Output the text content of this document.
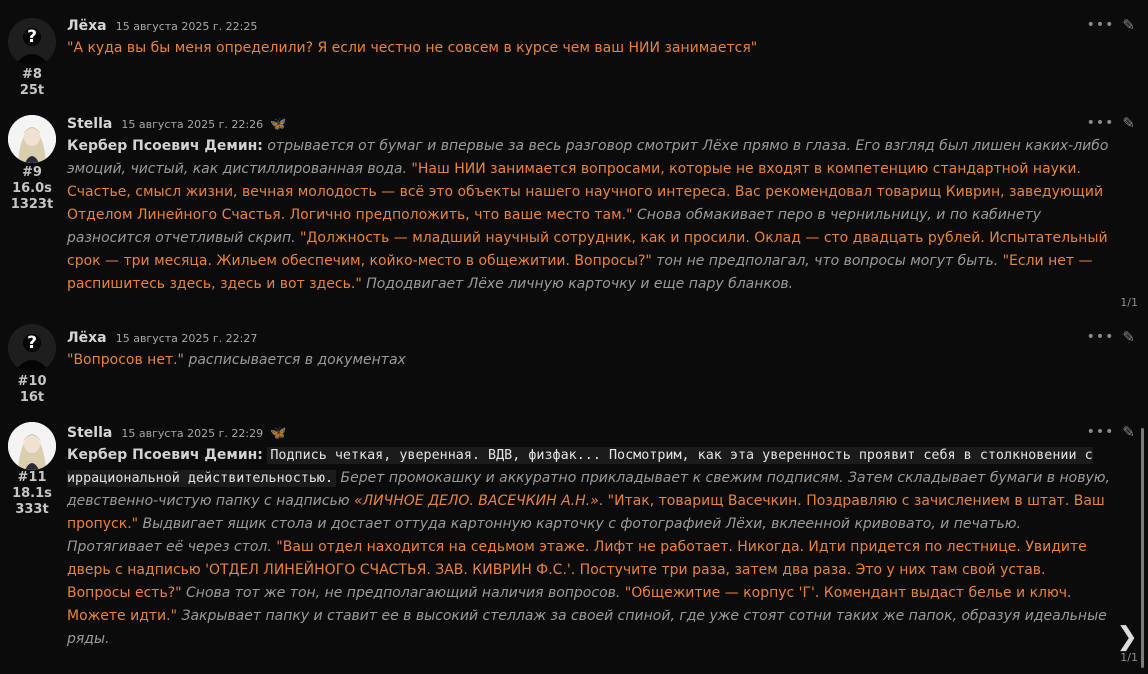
?
#8
25t
Лёха 15 августа 2025 г. 22:25	••• ✎

"А куда вы бы меня определили? Я если честно не совсем в курсе чем ваш НИИ занимается"

#9
16.0s
1323t
Stella 15 августа 2025 г. 22:26 🦋	••• ✎

Кербер Псоевич Демин: отрывается от бумаг и впервые за весь разговор смотрит Лёхе прямо в глаза. Его взгляд был лишен каких-либо эмоций, чистый, как дистиллированная вода. "Наш НИИ занимается вопросами, которые не входят в компетенцию стандартной науки. Счастье, смысл жизни, вечная молодость — всё это объекты нашего научного интереса. Вас рекомендовал товарищ Киврин, заведующий Отделом Линейного Счастья. Логично предположить, что ваше место там." Снова обмакивает перо в чернильницу, и по кабинету разносится отчетливый скрип. "Должность — младший научный сотрудник, как и просили. Оклад — сто двадцать рублей. Испытательный срок — три месяца. Жильем обеспечим, койко-место в общежитии. Вопросы?" тон не предполагал, что вопросы могут быть. "Если нет — распишитесь здесь, здесь и вот здесь." Пододвигает Лёхе личную карточку и еще пару бланков.

1/1
?
#10
16t
Лёха 15 августа 2025 г. 22:27	••• ✎

"Вопросов нет." расписывается в документах

#11
18.1s
333t
Stella 15 августа 2025 г. 22:29 🦋	••• ✎

Кербер Псоевич Демин: Подпись четкая, уверенная. ВДВ, физфак... Посмотрим, как эта уверенность проявит себя в столкновении с иррациональной действительностью. Берет промокашку и аккуратно прикладывает к свежим подписям. Затем складывает бумаги в новую, девственно-чистую папку с надписью «ЛИЧНОЕ ДЕЛО. ВАСЕЧКИН А.Н.». "Итак, товарищ Васечкин. Поздравляю с зачислением в штат. Ваш пропуск." Выдвигает ящик стола и достает оттуда картонную карточку с фотографией Лёхи, вклеенной кривовато, и печатью. Протягивает её через стол. "Ваш отдел находится на седьмом этаже. Лифт не работает. Никогда. Идти придется по лестнице. Увидите дверь с надписью 'ОТДЕЛ ЛИНЕЙНОГО СЧАСТЬЯ. ЗАВ. КИВРИН Ф.С.'. Постучите три раза, затем два раза. Это у них там свой устав. Вопросы есть?" Снова тот же тон, не предполагающий наличия вопросов. "Общежитие — корпус 'Г'. Комендант выдаст белье и ключ. Можете идти." Закрывает папку и ставит ее в высокий стеллаж за своей спиной, где уже стоят сотни таких же папок, образуя идеальные ряды.

1/1
❯
